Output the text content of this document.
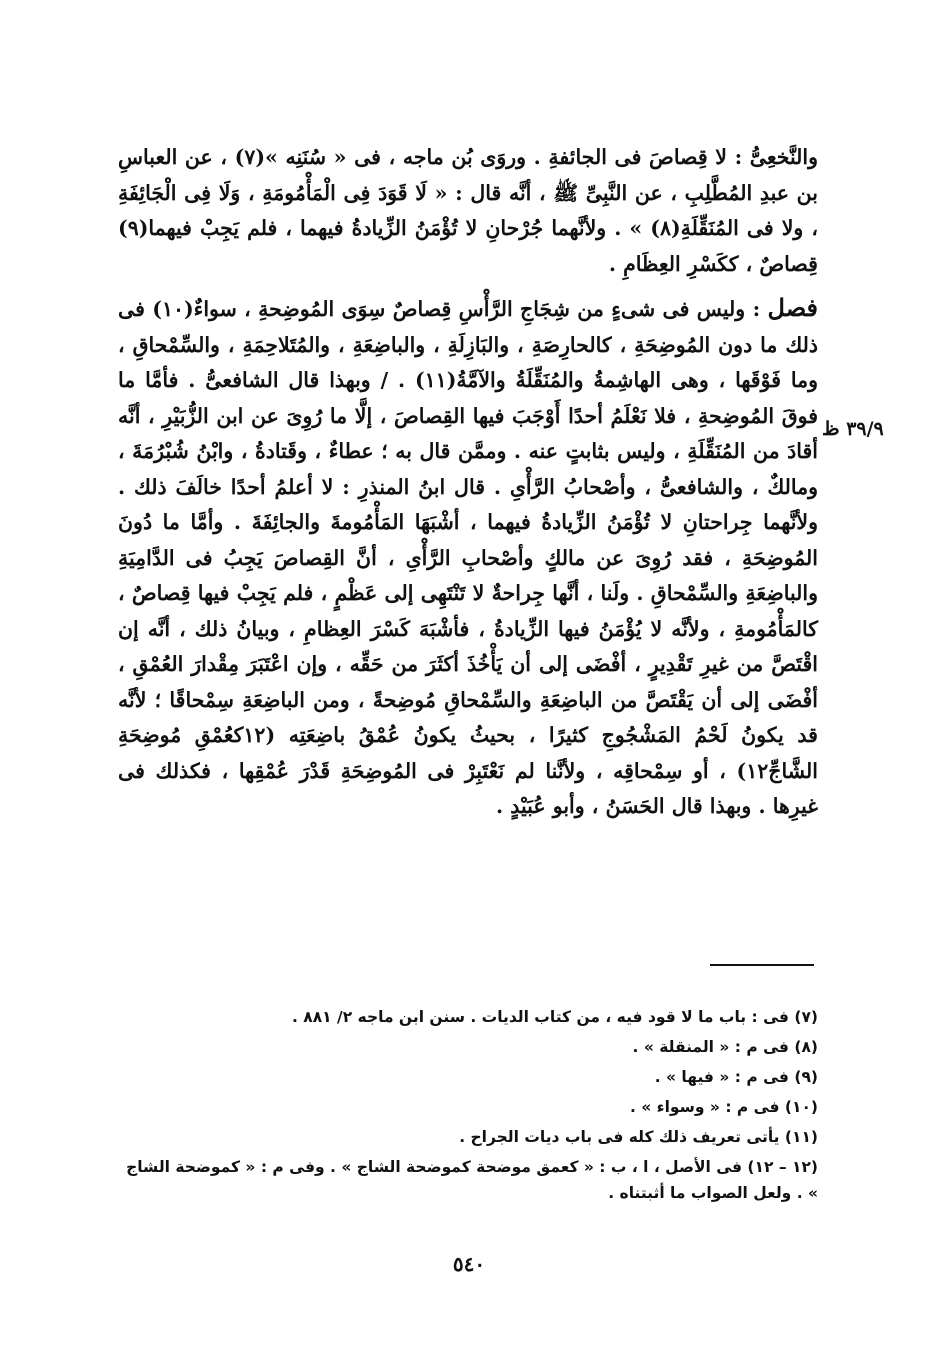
والنَّخعِىُّ : لا قِصاصَ فى الجائفةِ . وروَى بُن ماجه ، فى « سُنَنِه »(٧) ، عن العباسِ بن عبدِ المُطَّلِبِ ، عن النَّبِىِّ ﷺ ، أنَّه قال : « لَا قَوَدَ فِى الْمَأْمُومَةِ ، وَلَا فِى الْجَائِفَةِ ، ولا فى المُنَقِّلَةِ(٨) » . ولأنَّهما جُرْحانِ لا تُؤْمَنُ الزِّيادةُ فيهما ، فلم يَجِبْ فيهما(٩) قِصاصٌ ، ككَسْرِ العِظَامِ .

فصل : وليس فى شىءٍ من شِجَاجِ الرَّأْسِ قِصاصٌ سِوَى المُوضِحةِ ، سواءٌ(١٠) فى ذلك ما دون المُوضِحَةِ ، كالحارِصَةِ ، والبَازِلَةِ ، والباضِعَةِ ، والمُتَلاحِمَةِ ، والسِّمْحاقِ ، وما فَوْقَها ، وهى الهاشِمةُ والمُنَقِّلَةُ والآمَّةُ(١١) . / وبهذا قال الشافعىُّ . فأمَّا ما فوقَ المُوضِحةِ ، فلا نَعْلَمُ أحدًا أَوْجَبَ فيها القِصاصَ ، إلَّا ما رُوِىَ عن ابن الزُّبَيْرِ ، أنَّه أقادَ من المُنَقِّلَةِ ، وليس بثابتٍ عنه . وممَّن قال به ؛ عطاءٌ ، وقَتادةُ ، وابْنُ شُبْرُمَةَ ، ومالكٌ ، والشافعىُّ ، وأصْحابُ الرَّأْىِ . قال ابنُ المنذرِ : لا أعلمُ أحدًا خالَفَ ذلك . ولأنَّهما جِراحتانِ لا تُؤْمَنُ الزِّيادةُ فيهما ، أشْبَهَا المَأْمُومةَ والجائِفَةَ . وأمَّا ما دُونَ المُوضِحَةِ ، فقد رُوِىَ عن مالكٍ وأصْحابِ الرَّأْىِ ، أنَّ القِصاصَ يَجِبُ فى الدَّامِيَةِ والباضِعَةِ والسِّمْحاقِ . ولَنا ، أنَّها جِراحةٌ لا تَنْتَهِى إلى عَظْمٍ ، فلم يَجِبْ فيها قِصاصٌ ، كالمَأْمُومةِ ، ولأنَّه لا يُؤْمَنُ فيها الزِّيادةُ ، فأشْبَهَ كَسْرَ العِظامِ ، وبيانُ ذلك ، أنَّه إن اقْتَصَّ من غيرِ تَقْدِيرٍ ، أفْضَى إلى أن يَأْخُذَ أكثَرَ من حَقِّه ، وإن اعْتَبَرَ مِقْدارَ العُمْقِ ، أفْضَى إلى أن يَقْتَصَّ من الباضِعَةِ والسِّمْحاقِ مُوضِحةً ، ومن الباضِعَةِ سِمْحاقًا ؛ لأنَّه قد يكونُ لَحْمُ المَشْجُوجِ كثيرًا ، بحيثُ يكونُ عُمْقُ باضِعَتِه (١٢كعُمْقِ مُوضِحَةِ الشَّاجِّ١٢) ، أو سِمْحاقِه ، ولأنَّنا لم نَعْتَبِرْ فى المُوضِحَةِ قَدْرَ عُمْقِها ، فكذلك فى غيرِها . وبهذا قال الحَسَنُ ، وأبو عُبَيْدٍ .

٣٩/٩ ظ

(٧) فى : باب ما لا قود فيه ، من كتاب الديات . سنن ابن ماجه ٢/ ٨٨١ .

(٨) فى م : « المنقلة » .

(٩) فى م : « فيها » .

(١٠) فى م : « وسواء » .

(١١) يأتى تعريف ذلك كله فى باب ديات الجراح .

(١٢ – ١٢) فى الأصل ، ا ، ب : « كعمق موضحة كموضحة الشاج » . وفى م : « كموضحة الشاج » . ولعل الصواب ما أثبتناه .

٥٤٠
